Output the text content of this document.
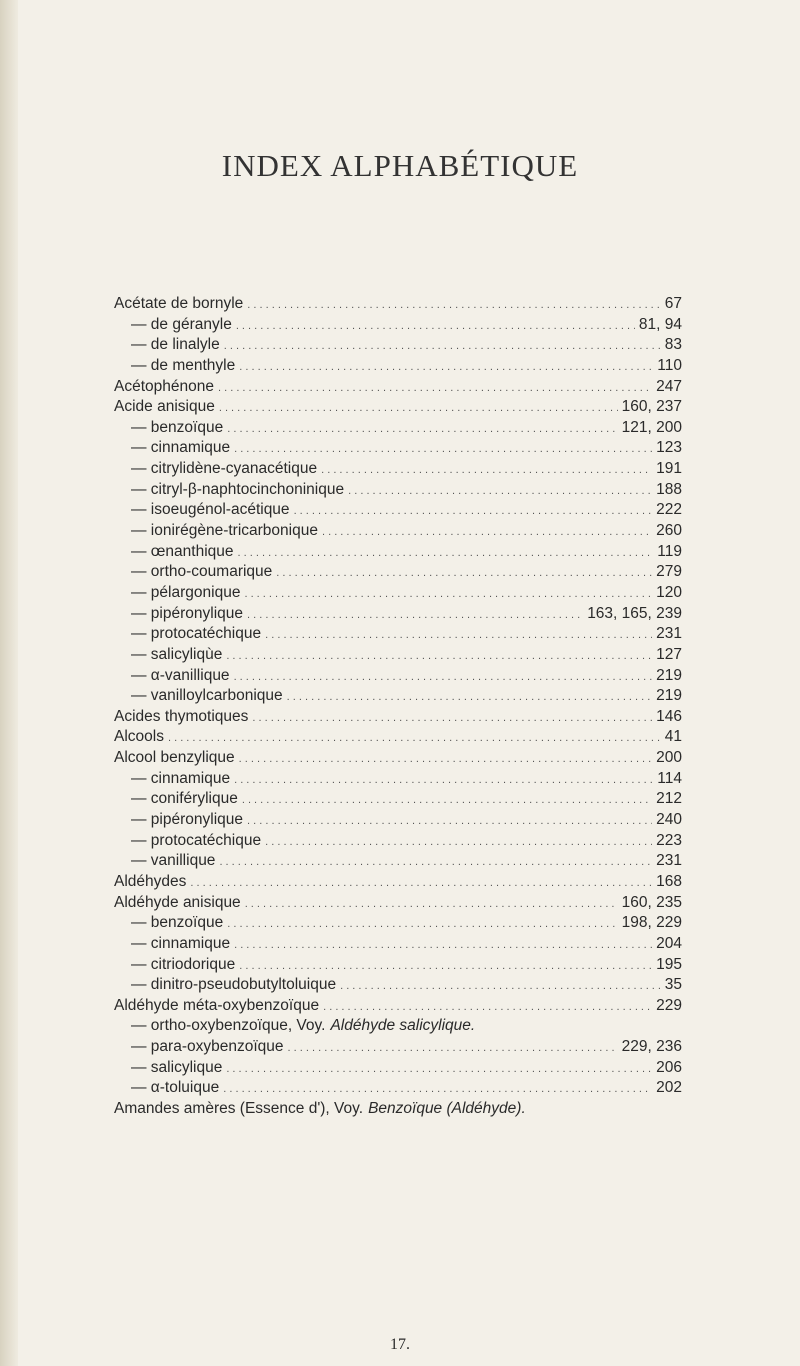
INDEX ALPHABÉTIQUE
Acétate de bornyle . . .	67
— de géranyle . . .	81, 94
— de linalyle . . .	83
— de menthyle . . .	110
Acétophénone . . .	247
Acide anisique . . .	160, 237
— benzoïque . . .	121, 200
— cinnamique . . .	123
— citrylidène-cyanacétique . . .	191
— citryl-β-naphtocinchoninique . . .	188
— isoeugénol-acétique . . .	222
— ionirégène-tricarbonique . . .	260
— œnanthique . . .	119
— ortho-coumarique . . .	279
— pélargonique . . .	120
— pipéronylique . . .	163, 165, 239
— protocatéchique . . .	231
— salicyliqùe . . .	127
— α-vanillique . . .	219
— vanilloylcarbonique . . .	219
Acides thymotiques . . .	146
Alcools . . .	41
Alcool benzylique . . .	200
— cinnamique . . .	114
— coniférylique . . .	212
— pipéronylique . . .	240
— protocatéchique . . .	223
— vanillique . . .	231
Aldéhydes . . .	168
Aldéhyde anisique . . .	160, 235
— benzoïque . . .	198, 229
— cinnamique . . .	204
— citriodorique . . .	195
— dinitro-pseudobutyltoluique . . .	35
Aldéhyde méta-oxybenzoïque . . .	229
— ortho-oxybenzoïque, Voy. Aldéhyde salicylique.
— para-oxybenzoïque . . .	229, 236
— salicylique . . .	206
— α-toluique . . .	202
Amandes amères (Essence d'), Voy. Benzoïque (Aldéhyde).
17.
